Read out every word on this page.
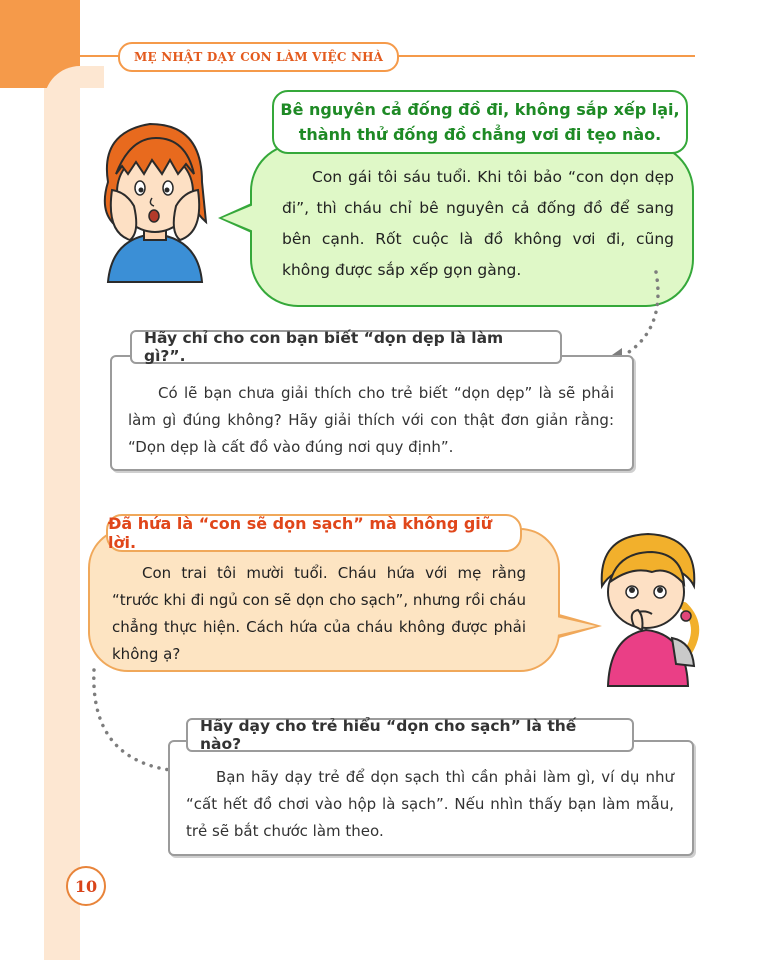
MẸ NHẬT DẠY CON LÀM VIỆC NHÀ
Bê nguyên cả đống đồ đi, không sắp xếp lại, thành thử đống đồ chẳng vơi đi tẹo nào.
Con gái tôi sáu tuổi. Khi tôi bảo “con dọn dẹp đi”, thì cháu chỉ bê nguyên cả đống đồ để sang bên cạnh. Rốt cuộc là đồ không vơi đi, cũng không được sắp xếp gọn gàng.
Hãy chỉ cho con bạn biết “dọn dẹp là làm gì?”.
Có lẽ bạn chưa giải thích cho trẻ biết “dọn dẹp” là sẽ phải làm gì đúng không? Hãy giải thích với con thật đơn giản rằng: “Dọn dẹp là cất đồ vào đúng nơi quy định”.
Đã hứa là “con sẽ dọn sạch” mà không giữ lời.
Con trai tôi mười tuổi. Cháu hứa với mẹ rằng “trước khi đi ngủ con sẽ dọn cho sạch”, nhưng rồi cháu chẳng thực hiện. Cách hứa của cháu không được phải không ạ?
Hãy dạy cho trẻ hiểu “dọn cho sạch” là thế nào?
Bạn hãy dạy trẻ để dọn sạch thì cần phải làm gì, ví dụ như “cất hết đồ chơi vào hộp là sạch”. Nếu nhìn thấy bạn làm mẫu, trẻ sẽ bắt chước làm theo.
10
